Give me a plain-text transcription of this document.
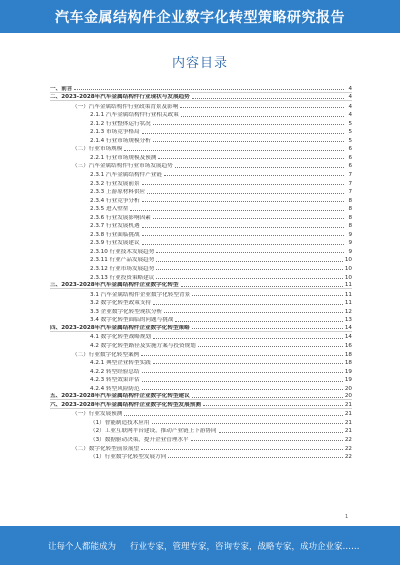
汽车金属结构件企业数字化转型策略研究报告
内容目录
一、前言	4
二、2023-2028年汽车金属结构件行业现状与发展趋势	4
（一）汽车金属结构件行业政策背景及影响	4
2.1.1 汽车金属结构件行业相关政策	4
2.1.2 行业整体运行状况	5
2.1.3 市场竞争格局	5
2.1.4 行业市场规模分析	5
（二）行业市场规模	6
2.2.1 行业市场规模及预测	6
（三）汽车金属结构件行业市场发展趋势	6
2.3.1 汽车金属结构件产业链	7
2.3.2 行业发展前景	7
2.3.3 上游原材料供应	7
2.3.4 行业竞争分析	8
2.3.5 进入壁垒	8
2.3.6 行业发展影响因素	8
2.3.7 行业发展机遇	8
2.3.8 行业面临挑战	9
2.3.9 行业发展建议	9
2.3.10 行业技术发展趋势	9
2.3.11 行业产品发展趋势	10
2.3.12 行业市场发展趋势	10
2.3.13 行业投资策略建议	10
三、2023-2028年汽车金属结构件企业数字化转型	11
3.1 汽车金属结构件企业数字化转型背景	11
3.2 数字化转型政策支持	11
3.3 企业数字化转型现状分析	12
3.4 数字化转型面临的问题与挑战	13
四、2023-2028年汽车金属结构件企业数字化转型策略	14
4.1 数字化转型战略规划	14
4.2 数字化转型路径及实施方案与投资规划	16
（二）行业数字化转型案例	18
4.2.1 典型企业转型实践	18
4.2.2 转型经验总结	19
4.2.3 转型效果评估	19
4.2.4 转型风险防范	20
五、2023-2028年汽车金属结构件企业数字化转型建议	20
六、2023-2028年汽车金属结构件企业数字化转型发展预测	21
（一）行业发展预测	21
（1）智能制造技术应用	21
（2）工业互联网平台建设，推动产业链上下游协同	21
（3）数据驱动决策，提升企业管理水平	22
（二）数字化转型前景展望	22
（1）行业数字化转型发展方向	22
1
让每个人都能成为 行业专家，管理专家，咨询专家，战略专家，成功企业家……
